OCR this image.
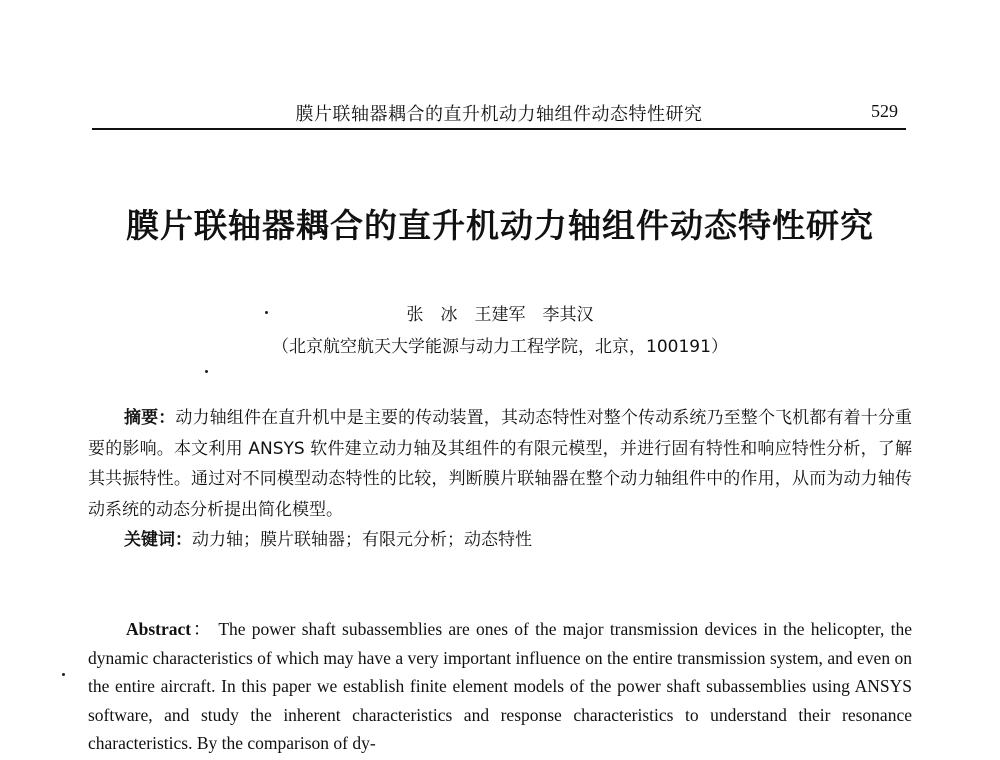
膜片联轴器耦合的直升机动力轴组件动态特性研究	529
膜片联轴器耦合的直升机动力轴组件动态特性研究
张　冰　王建军　李其汉
（北京航空航天大学能源与动力工程学院，北京，100191）
摘要：动力轴组件在直升机中是主要的传动装置，其动态特性对整个传动系统乃至整个飞机都有着十分重要的影响。本文利用 ANSYS 软件建立动力轴及其组件的有限元模型，并进行固有特性和响应特性分析，了解其共振特性。通过对不同模型动态特性的比较，判断膜片联轴器在整个动力轴组件中的作用，从而为动力轴传动系统的动态分析提出简化模型。
关键词：动力轴；膜片联轴器；有限元分析；动态特性
Abstract： The power shaft subassemblies are ones of the major transmission devices in the helicopter, the dynamic characteristics of which may have a very important influence on the entire transmission system, and even on the entire aircraft. In this paper we establish finite element models of the power shaft subassemblies using ANSYS software, and study the inherent characteristics and response characteristics to understand their resonance characteristics. By the comparison of dy-
